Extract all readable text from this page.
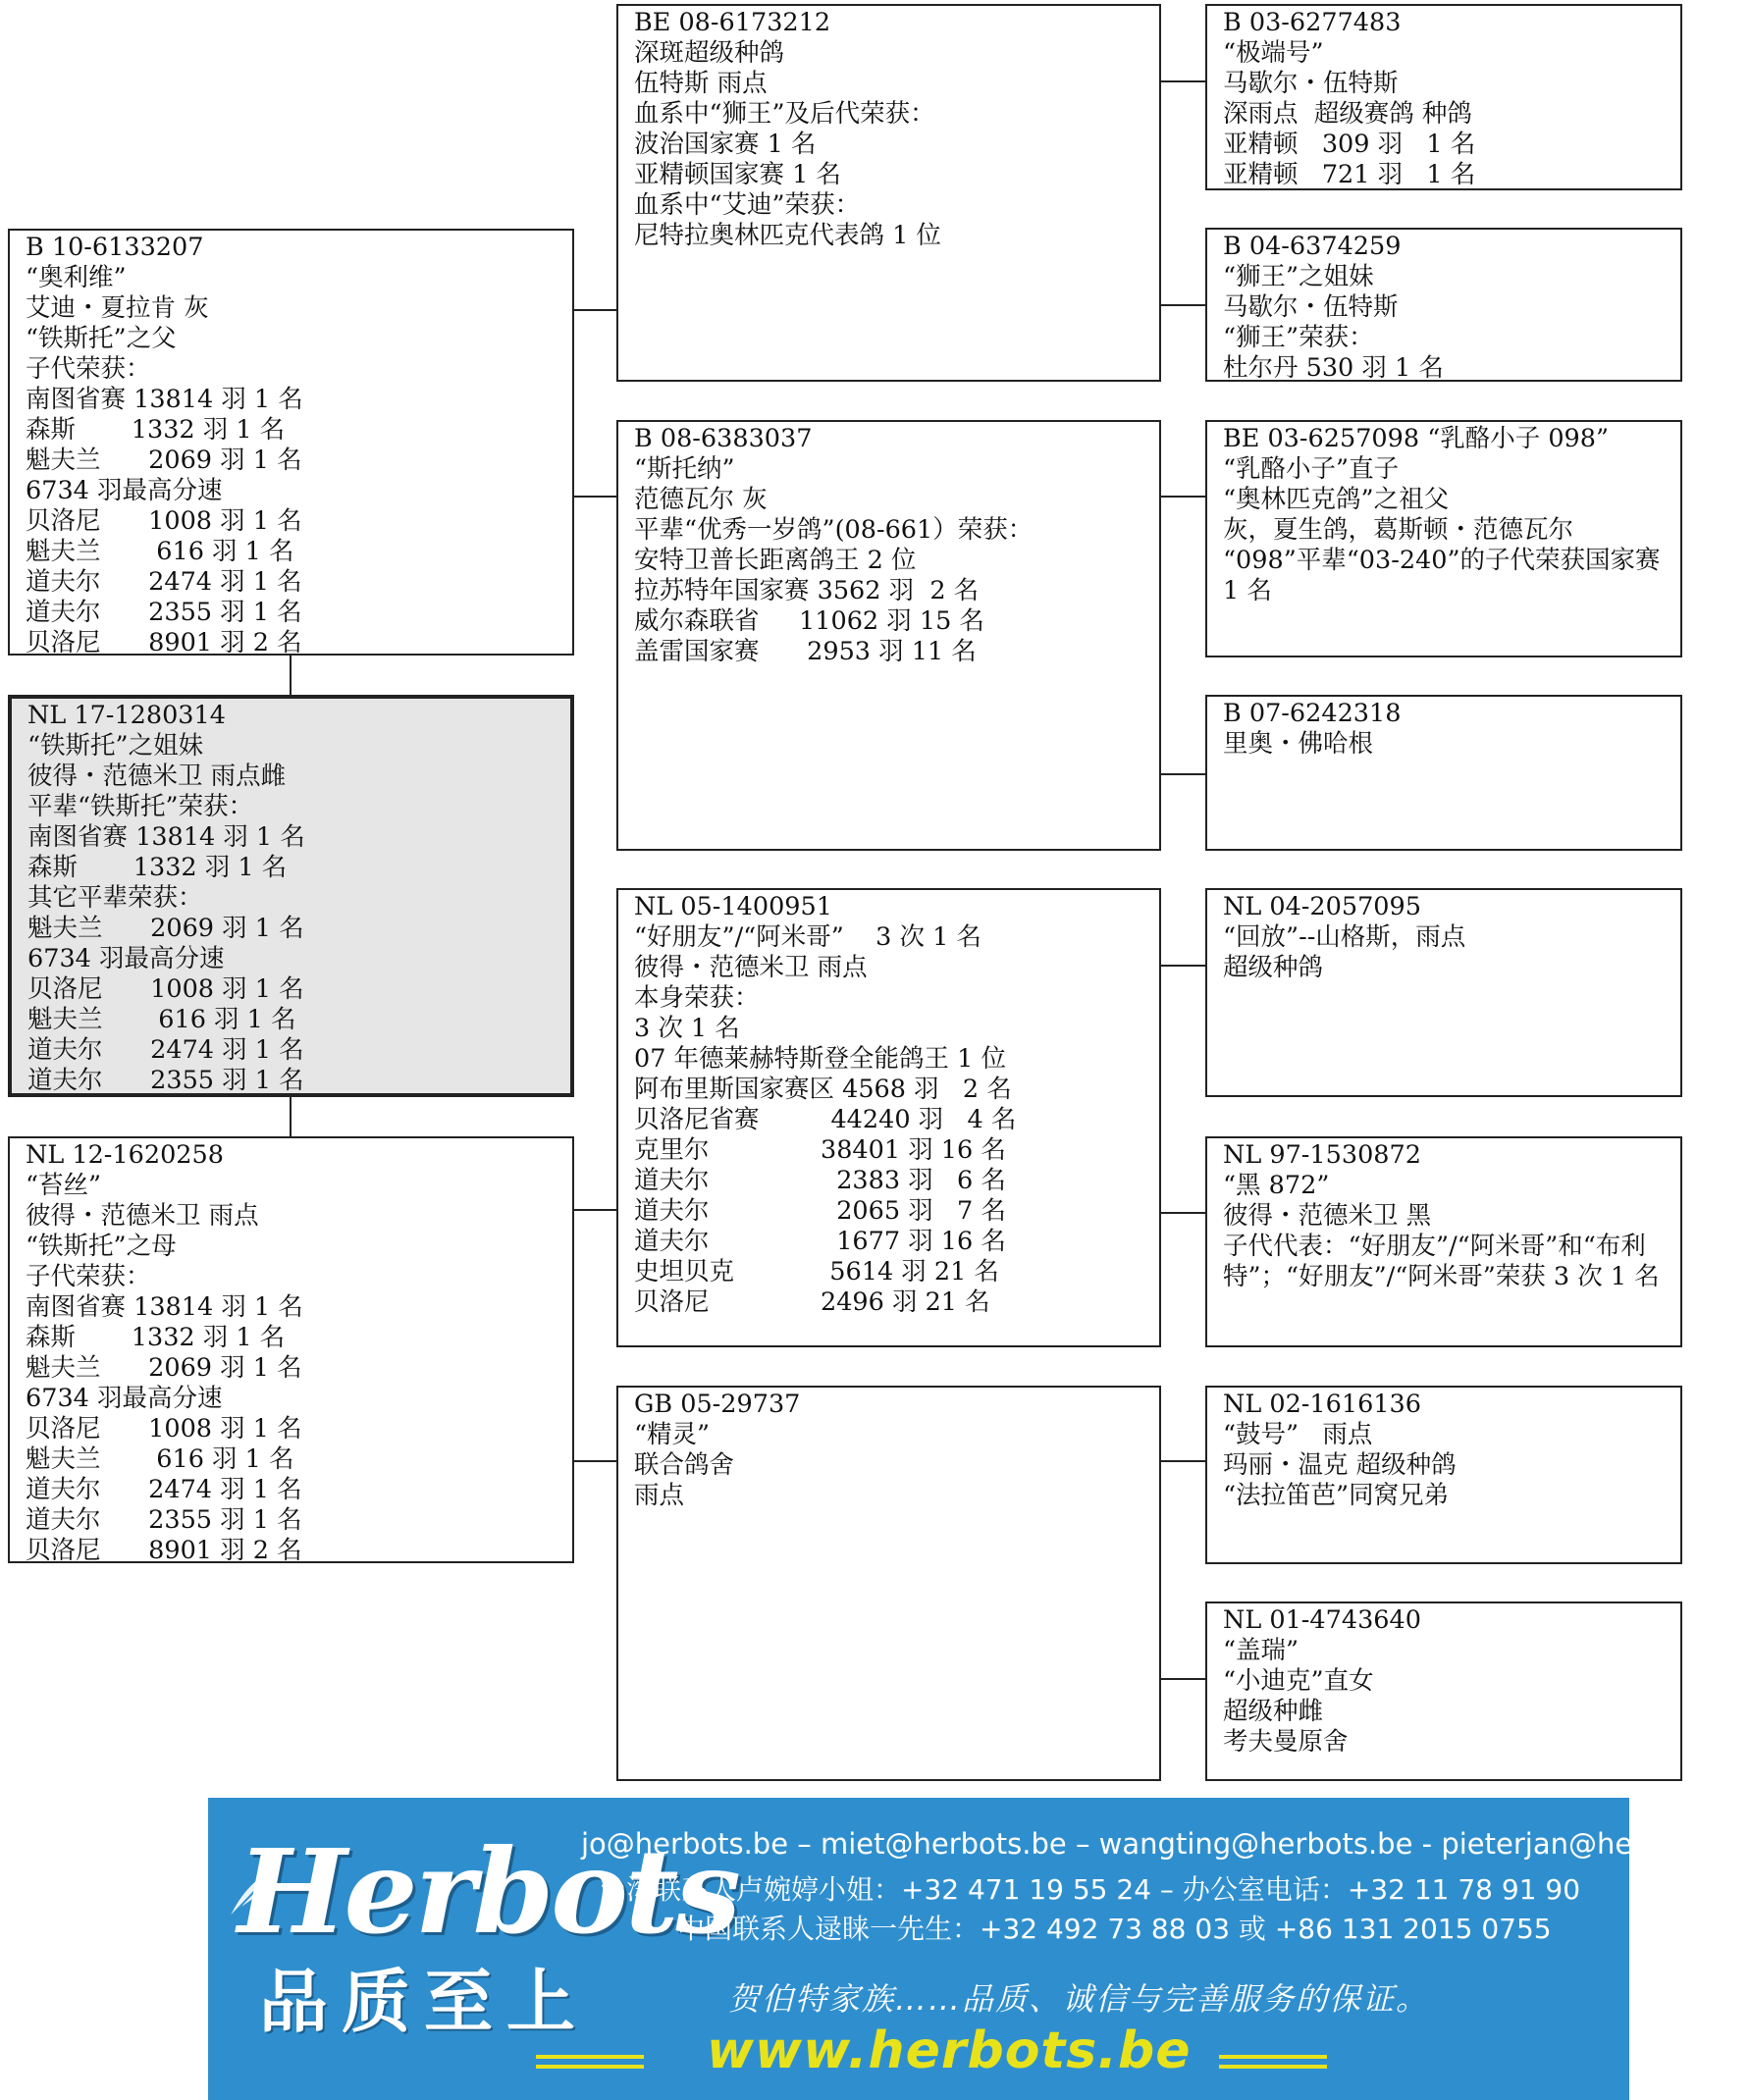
B 10-6133207
“奥利维”
艾迪・夏拉肯 灰
“铁斯托”之父
子代荣获：
南图省赛 13814 羽 1 名
森斯       1332 羽 1 名
魁夫兰      2069 羽 1 名
6734 羽最高分速
贝洛尼      1008 羽 1 名
魁夫兰       616 羽 1 名
道夫尔      2474 羽 1 名
道夫尔      2355 羽 1 名
贝洛尼      8901 羽 2 名
NL 17-1280314
“铁斯托”之姐妹
彼得・范德米卫 雨点雌
平辈“铁斯托”荣获：
南图省赛 13814 羽 1 名
森斯       1332 羽 1 名
其它平辈荣获：
魁夫兰      2069 羽 1 名
6734 羽最高分速
贝洛尼      1008 羽 1 名
魁夫兰       616 羽 1 名
道夫尔      2474 羽 1 名
道夫尔      2355 羽 1 名
NL 12-1620258
“苔丝”
彼得・范德米卫 雨点
“铁斯托”之母
子代荣获：
南图省赛 13814 羽 1 名
森斯       1332 羽 1 名
魁夫兰      2069 羽 1 名
6734 羽最高分速
贝洛尼      1008 羽 1 名
魁夫兰       616 羽 1 名
道夫尔      2474 羽 1 名
道夫尔      2355 羽 1 名
贝洛尼      8901 羽 2 名
BE 08-6173212
深斑超级种鸽
伍特斯 雨点
血系中“狮王”及后代荣获：
波治国家赛 1 名
亚精顿国家赛 1 名
血系中“艾迪”荣获：
尼特拉奥林匹克代表鸽 1 位
B 08-6383037
“斯托纳”
范德瓦尔 灰
平辈“优秀一岁鸽”(08-661）荣获：
安特卫普长距离鸽王 2 位
拉苏特年国家赛 3562 羽  2 名
威尔森联省     11062 羽 15 名
盖雷国家赛      2953 羽 11 名
NL 05-1400951
“好朋友”/“阿米哥”    3 次 1 名
彼得・范德米卫 雨点
本身荣获：
3 次 1 名
07 年德莱赫特斯登全能鸽王 1 位
阿布里斯国家赛区 4568 羽   2 名
贝洛尼省赛         44240 羽   4 名
克里尔              38401 羽 16 名
道夫尔                2383 羽   6 名
道夫尔                2065 羽   7 名
道夫尔                1677 羽 16 名
史坦贝克            5614 羽 21 名
贝洛尼              2496 羽 21 名
GB 05-29737
“精灵”
联合鸽舍
雨点
B 03-6277483
“极端号”
马歇尔・伍特斯
深雨点  超级赛鸽 种鸽
亚精顿   309 羽   1 名
亚精顿   721 羽   1 名
B 04-6374259
“狮王”之姐妹
马歇尔・伍特斯
“狮王”荣获：
杜尔丹 530 羽 1 名
BE 03-6257098 “乳酪小子 098”
“乳酪小子”直子
“奥林匹克鸽”之祖父
灰，夏生鸽，葛斯顿・范德瓦尔
“098”平辈“03-240”的子代荣获国家赛 1 名
B 07-6242318
里奥・佛哈根
NL 04-2057095
“回放”--山格斯，雨点
超级种鸽
NL 97-1530872
“黑 872”
彼得・范德米卫 黑
子代代表：“好朋友”/“阿米哥”和“布利特”；“好朋友”/“阿米哥”荣获 3 次 1 名
NL 02-1616136
“鼓号”   雨点
玛丽・温克 超级种鸽
“法拉笛芭”同窝兄弟
NL 01-4743640
“盖瑞”
“小迪克”直女
超级种雌
考夫曼原舍
Herbots
品质至上
jo@herbots.be – miet@herbots.be – wangting@herbots.be - pieterjan@herbots.be
台湾联系人卢婉婷小姐：+32 471 19 55 24 – 办公室电话：+32 11 78 91 90
中国联系人逯睐一先生：+32 492 73 88 03 或 +86 131 2015 0755
贺伯特家族……品质、诚信与完善服务的保证。
www.herbots.be
